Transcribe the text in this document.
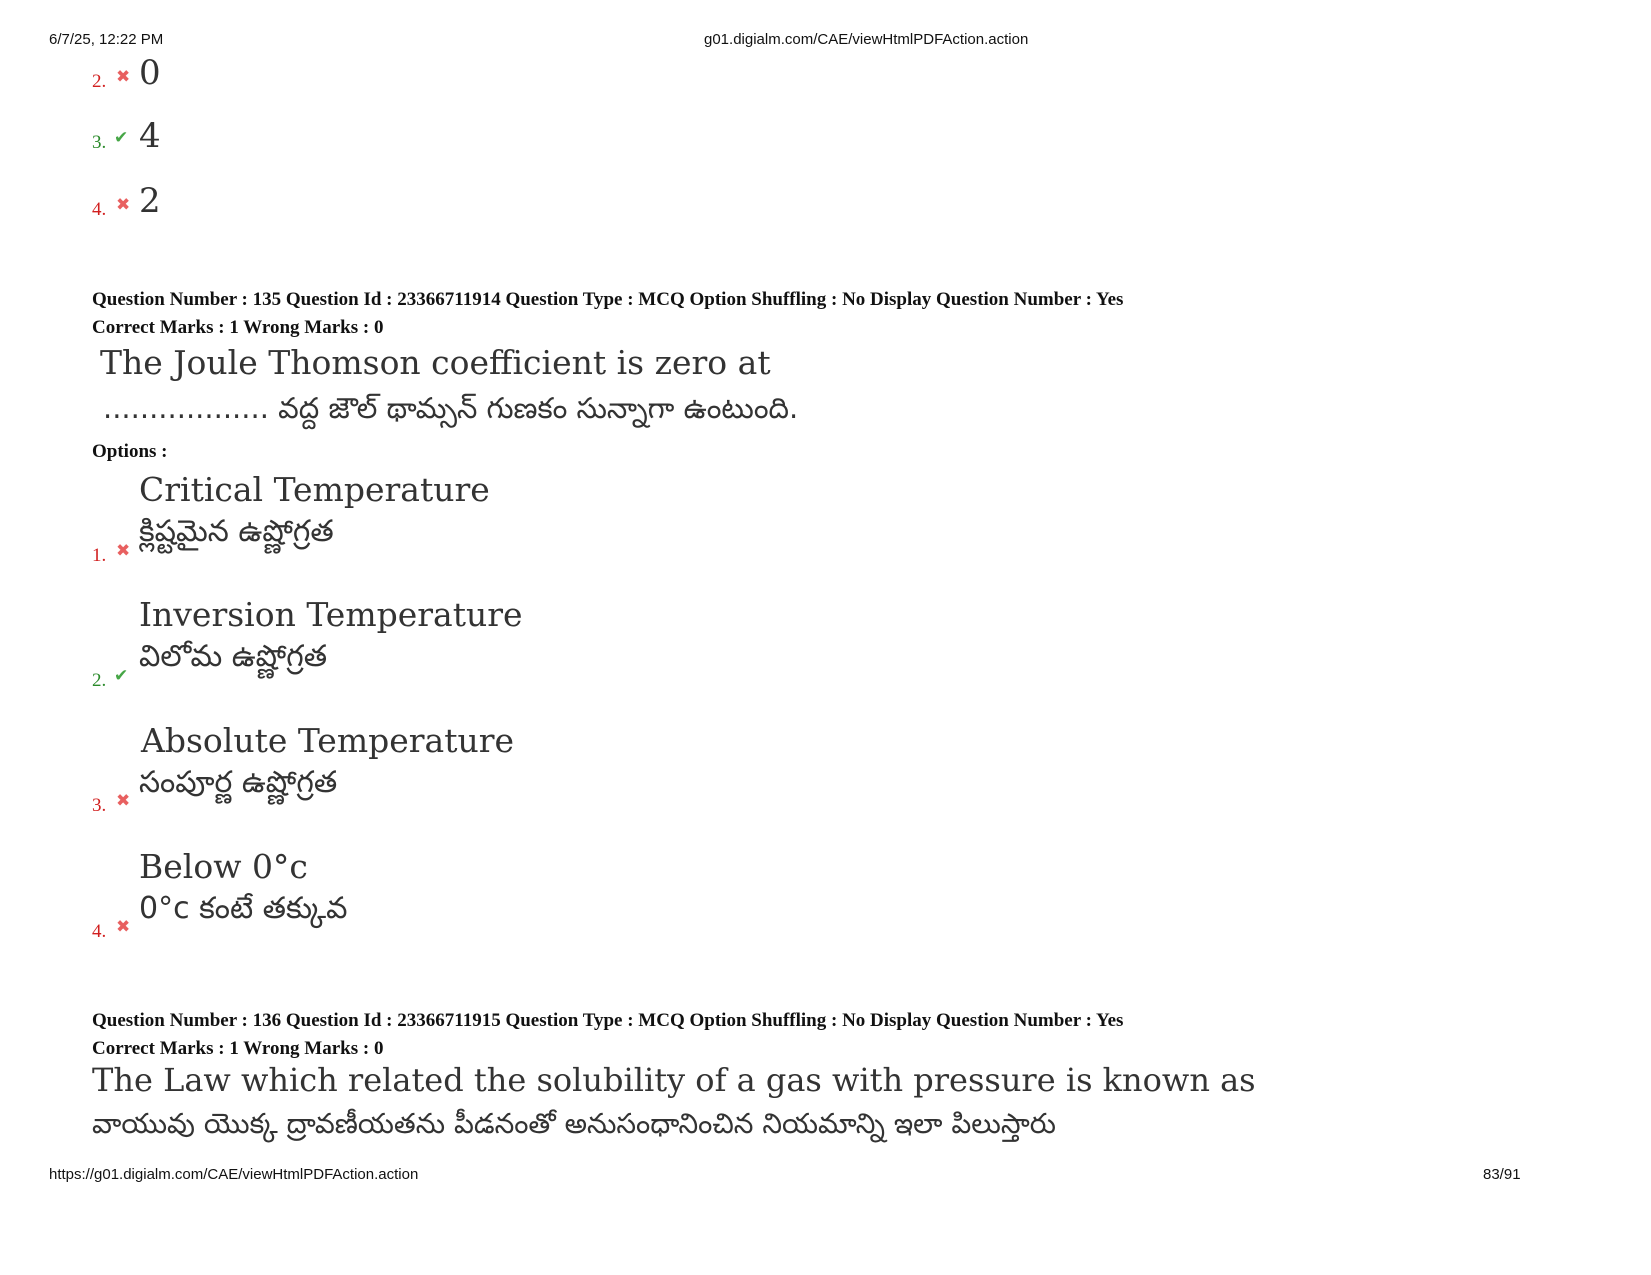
6/7/25, 12:22 PM	g01.digialm.com/CAE/viewHtmlPDFAction.action
2. ✖ 0
3. ✔ 4
4. ✖ 2
Question Number : 135 Question Id : 23366711914 Question Type : MCQ Option Shuffling : No Display Question Number : Yes
Correct Marks : 1 Wrong Marks : 0
The Joule Thomson coefficient is zero at
.................. వద్ద జౌల్ థామ్సన్ గుణకం సున్నాగా ఉంటుంది.
Options :
Critical Temperature
క్లిష్టమైన ఉష్ణోగ్రత
1. ✖
Inversion Temperature
విలోమ ఉష్ణోగ్రత
2. ✔
Absolute Temperature
సంపూర్ణ ఉష్ణోగ్రత
3. ✖
Below 0°c
0°c కంటే తక్కువ
4. ✖
Question Number : 136 Question Id : 23366711915 Question Type : MCQ Option Shuffling : No Display Question Number : Yes
Correct Marks : 1 Wrong Marks : 0
The Law which related the solubility of a gas with pressure is known as
వాయువు యొక్క ద్రావణీయతను పీడనంతో అనుసంధానించిన నియమాన్ని ఇలా పిలుస్తారు
https://g01.digialm.com/CAE/viewHtmlPDFAction.action	83/91
